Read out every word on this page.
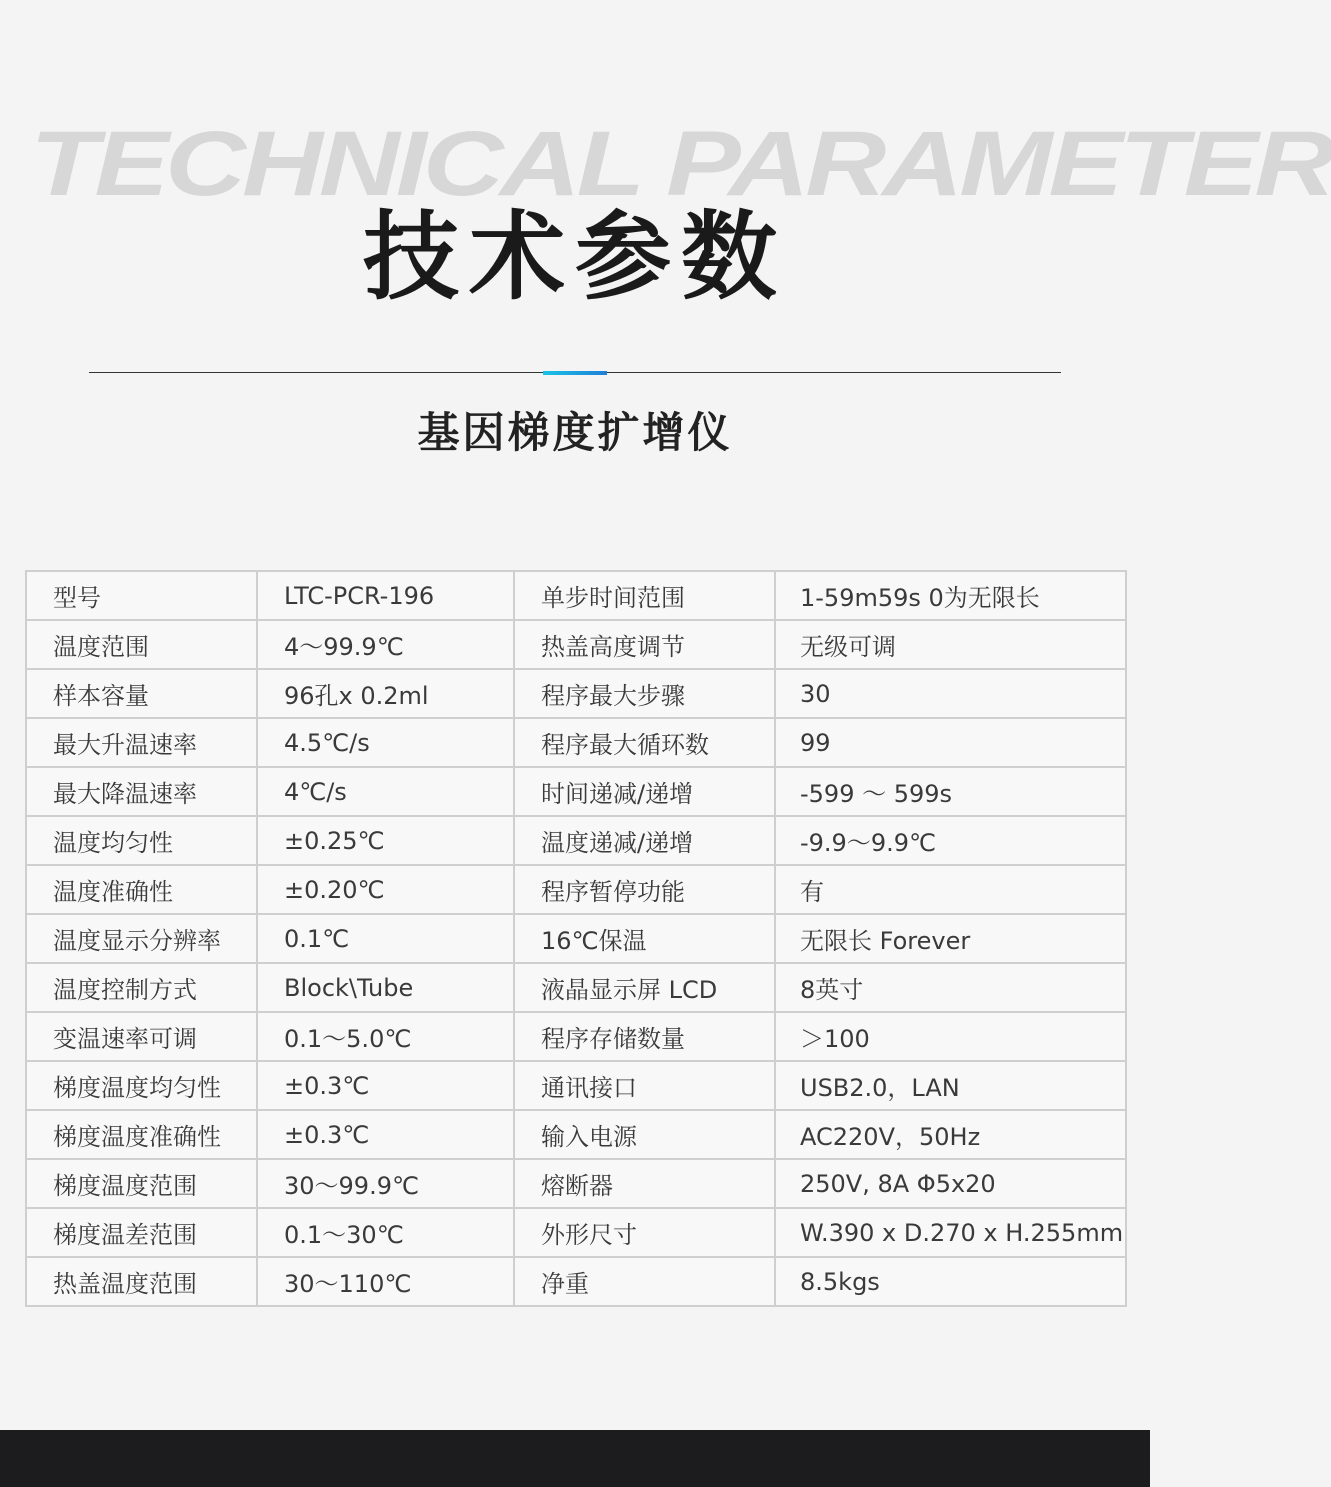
TECHNICAL PARAMETER
技术参数
基因梯度扩增仪
型号	LTC-PCR-196	单步时间范围	1-59m59s 0为无限长
温度范围	4～99.9℃	热盖高度调节	无级可调
样本容量	96孔x 0.2ml	程序最大步骤	30
最大升温速率	4.5℃/s	程序最大循环数	99
最大降温速率	4℃/s	时间递减/递增	-599 ～ 599s
温度均匀性	±0.25℃	温度递减/递增	-9.9～9.9℃
温度准确性	±0.20℃	程序暂停功能	有
温度显示分辨率	0.1℃	16℃保温	无限长 Forever
温度控制方式	Block\Tube	液晶显示屏 LCD	8英寸
变温速率可调	0.1～5.0℃	程序存储数量	＞100
梯度温度均匀性	±0.3℃	通讯接口	USB2.0，LAN
梯度温度准确性	±0.3℃	输入电源	AC220V，50Hz
梯度温度范围	30～99.9℃	熔断器	250V, 8A Φ5x20
梯度温差范围	0.1～30℃	外形尺寸	W.390 x D.270 x H.255mm
热盖温度范围	30～110℃	净重	8.5kgs
